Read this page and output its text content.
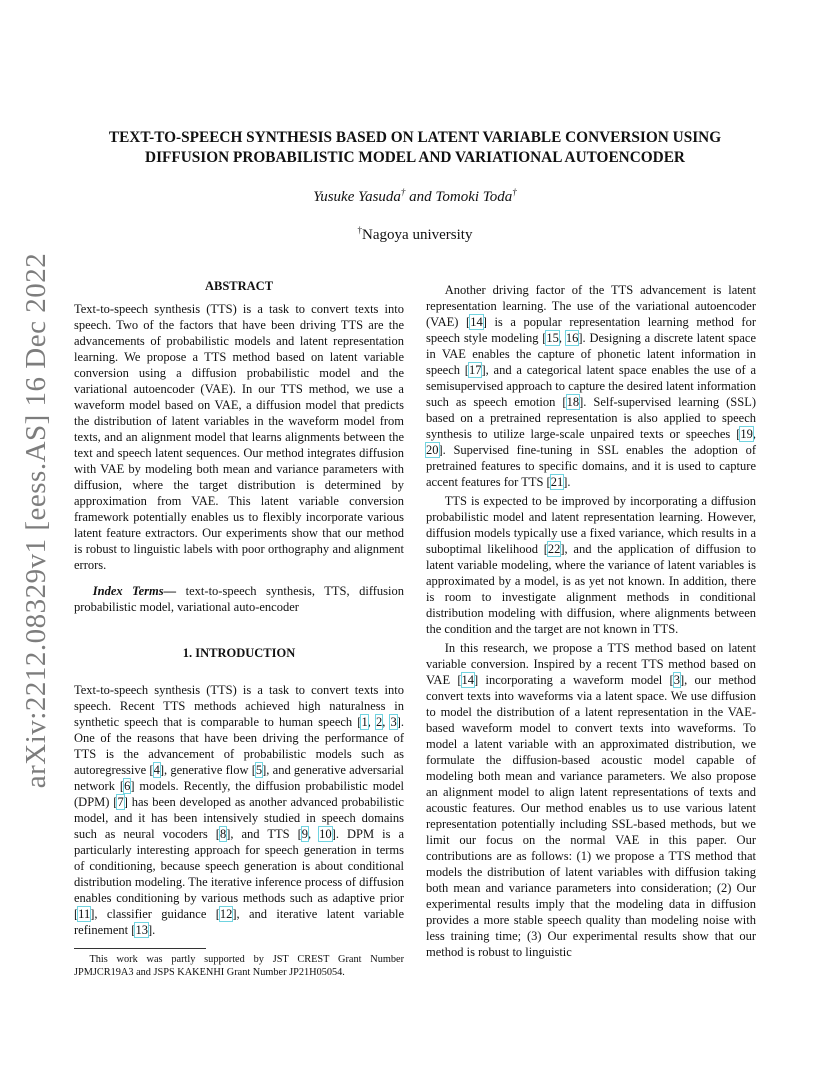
arXiv:2212.08329v1 [eess.AS] 16 Dec 2022
TEXT-TO-SPEECH SYNTHESIS BASED ON LATENT VARIABLE CONVERSION USING DIFFUSION PROBABILISTIC MODEL AND VARIATIONAL AUTOENCODER
Yusuke Yasuda† and Tomoki Toda†
†Nagoya university
ABSTRACT

Text-to-speech synthesis (TTS) is a task to convert texts into speech. Two of the factors that have been driving TTS are the advancements of probabilistic models and latent representation learning. We propose a TTS method based on latent variable conversion using a diffusion probabilistic model and the variational autoencoder (VAE). In our TTS method, we use a waveform model based on VAE, a diffusion model that predicts the distribution of latent variables in the waveform model from texts, and an alignment model that learns alignments between the text and speech latent sequences. Our method integrates diffusion with VAE by modeling both mean and variance parameters with diffusion, where the target distribution is determined by approximation from VAE. This latent variable conversion framework potentially enables us to flexibly incorporate various latent feature extractors. Our experiments show that our method is robust to linguistic labels with poor orthography and alignment errors.

Index Terms— text-to-speech synthesis, TTS, diffusion probabilistic model, variational auto-encoder

1. INTRODUCTION

Text-to-speech synthesis (TTS) is a task to convert texts into speech. Recent TTS methods achieved high naturalness in synthetic speech that is comparable to human speech [1, 2, 3]. One of the reasons that have been driving the performance of TTS is the advancement of probabilistic models such as autoregressive [4], generative flow [5], and generative adversarial network [6] models. Recently, the diffusion probabilistic model (DPM) [7] has been developed as another advanced probabilistic model, and it has been intensively studied in speech domains such as neural vocoders [8], and TTS [9, 10]. DPM is a particularly interesting approach for speech generation in terms of conditioning, because speech generation is about conditional distribution modeling. The iterative inference process of diffusion enables conditioning by various methods such as adaptive prior [11], classifier guidance [12], and iterative latent variable refinement [13].

Another driving factor of the TTS advancement is latent representation learning. The use of the variational autoencoder (VAE) [14] is a popular representation learning method for speech style modeling [15, 16]. Designing a discrete latent space in VAE enables the capture of phonetic latent information in speech [17], and a categorical latent space enables the use of a semisupervised approach to capture the desired latent information such as speech emotion [18]. Self-supervised learning (SSL) based on a pretrained representation is also applied to speech synthesis to utilize large-scale unpaired texts or speeches [19, 20]. Supervised fine-tuning in SSL enables the adoption of pretrained features to specific domains, and it is used to capture accent features for TTS [21].

TTS is expected to be improved by incorporating a diffusion probabilistic model and latent representation learning. However, diffusion models typically use a fixed variance, which results in a suboptimal likelihood [22], and the application of diffusion to latent variable modeling, where the variance of latent variables is approximated by a model, is as yet not known. In addition, there is room to investigate alignment methods in conditional distribution modeling with diffusion, where alignments between the condition and the target are not known in TTS.

In this research, we propose a TTS method based on latent variable conversion. Inspired by a recent TTS method based on VAE [14] incorporating a waveform model [3], our method convert texts into waveforms via a latent space. We use diffusion to model the distribution of a latent representation in the VAE-based waveform model to convert texts into waveforms. To model a latent variable with an approximated distribution, we formulate the diffusion-based acoustic model capable of modeling both mean and variance parameters. We also propose an alignment model to align latent representations of texts and acoustic features. Our method enables us to use various latent representation potentially including SSL-based methods, but we limit our focus on the normal VAE in this paper. Our contributions are as follows: (1) we propose a TTS method that models the distribution of latent variables with diffusion taking both mean and variance parameters into consideration; (2) Our experimental results imply that the modeling data in diffusion provides a more stable speech quality than modeling noise with less training time; (3) Our experimental results show that our method is robust to linguistic

This work was partly supported by JST CREST Grant Number JPMJCR19A3 and JSPS KAKENHI Grant Number JP21H05054.
